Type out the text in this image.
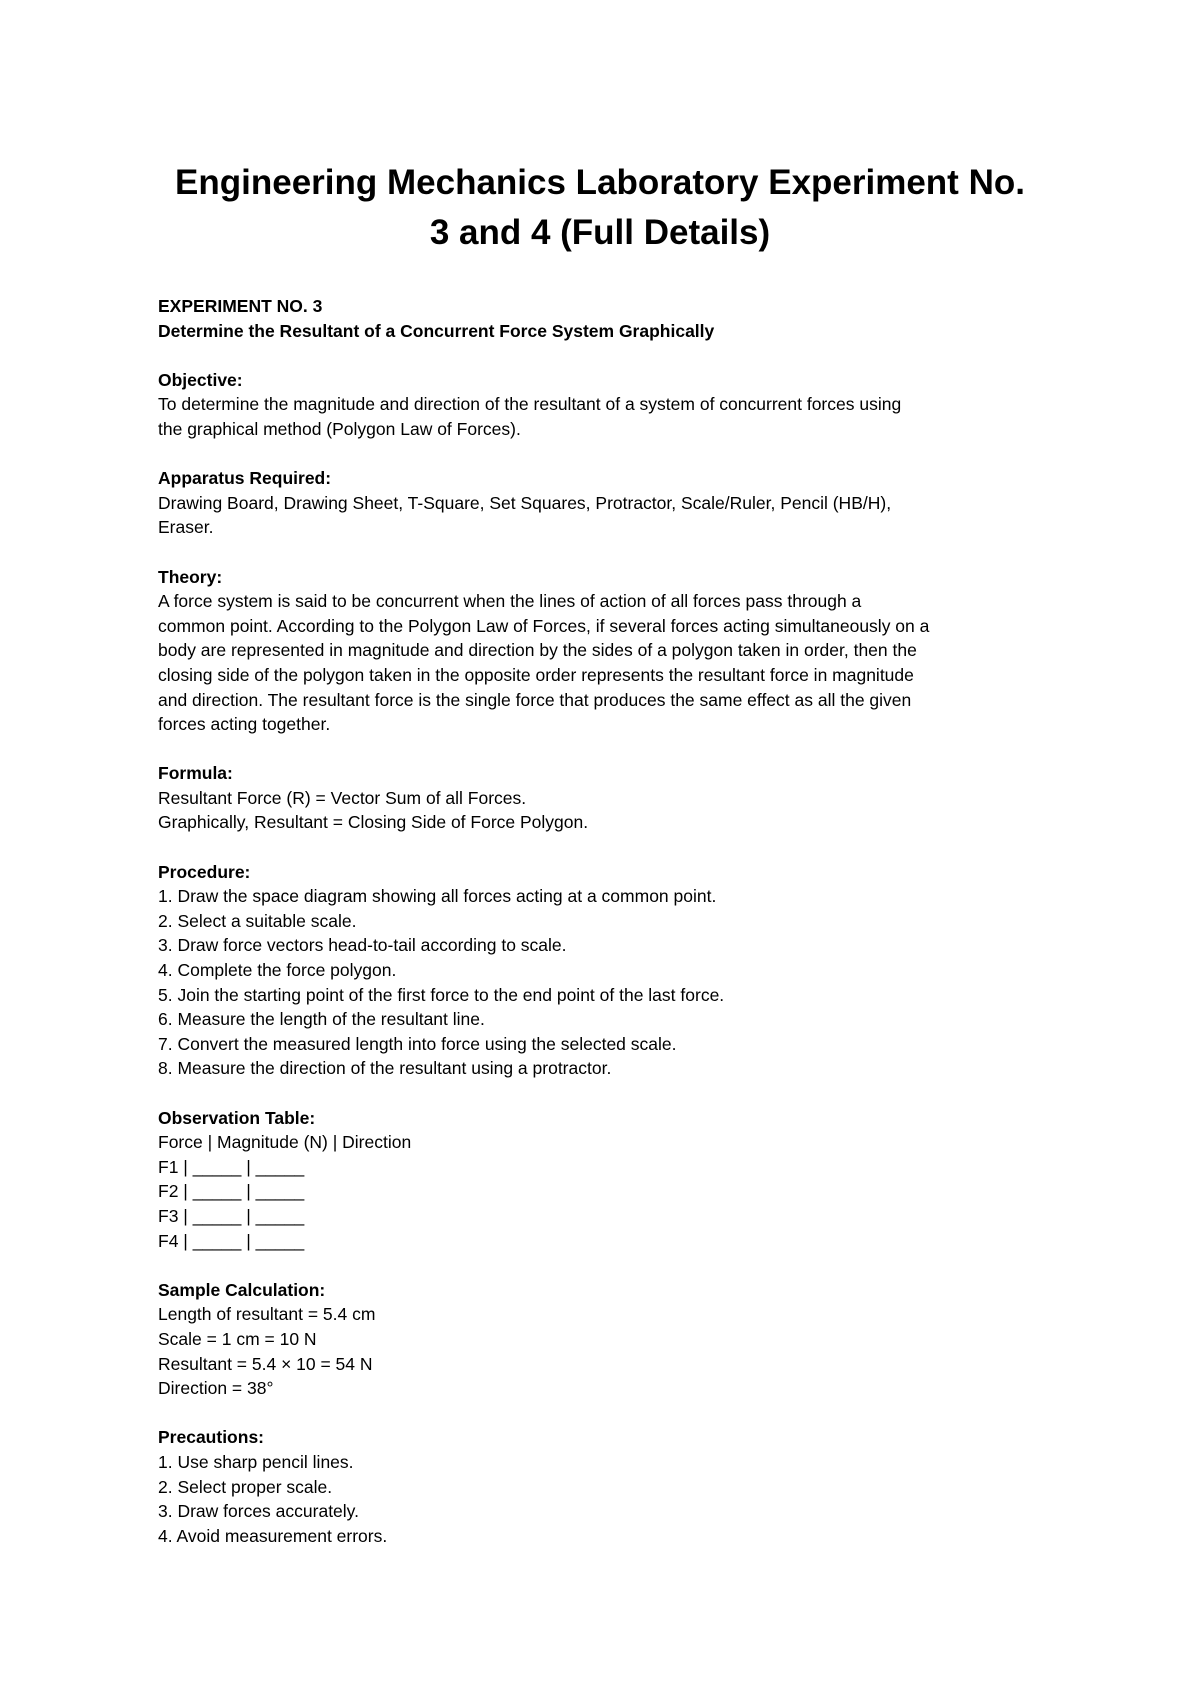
Engineering Mechanics Laboratory Experiment No.
3 and 4 (Full Details)
EXPERIMENT NO. 3
Determine the Resultant of a Concurrent Force System Graphically
Objective:
To determine the magnitude and direction of the resultant of a system of concurrent forces using
the graphical method (Polygon Law of Forces).
Apparatus Required:
Drawing Board, Drawing Sheet, T-Square, Set Squares, Protractor, Scale/Ruler, Pencil (HB/H),
Eraser.
Theory:
A force system is said to be concurrent when the lines of action of all forces pass through a
common point. According to the Polygon Law of Forces, if several forces acting simultaneously on a
body are represented in magnitude and direction by the sides of a polygon taken in order, then the
closing side of the polygon taken in the opposite order represents the resultant force in magnitude
and direction. The resultant force is the single force that produces the same effect as all the given
forces acting together.
Formula:
Resultant Force (R) = Vector Sum of all Forces.
Graphically, Resultant = Closing Side of Force Polygon.
Procedure:
1. Draw the space diagram showing all forces acting at a common point.
2. Select a suitable scale.
3. Draw force vectors head-to-tail according to scale.
4. Complete the force polygon.
5. Join the starting point of the first force to the end point of the last force.
6. Measure the length of the resultant line.
7. Convert the measured length into force using the selected scale.
8. Measure the direction of the resultant using a protractor.
Observation Table:
Force | Magnitude (N) | Direction
F1 | _____ | _____
F2 | _____ | _____
F3 | _____ | _____
F4 | _____ | _____
Sample Calculation:
Length of resultant = 5.4 cm
Scale = 1 cm = 10 N
Resultant = 5.4 × 10 = 54 N
Direction = 38°
Precautions:
1. Use sharp pencil lines.
2. Select proper scale.
3. Draw forces accurately.
4. Avoid measurement errors.
